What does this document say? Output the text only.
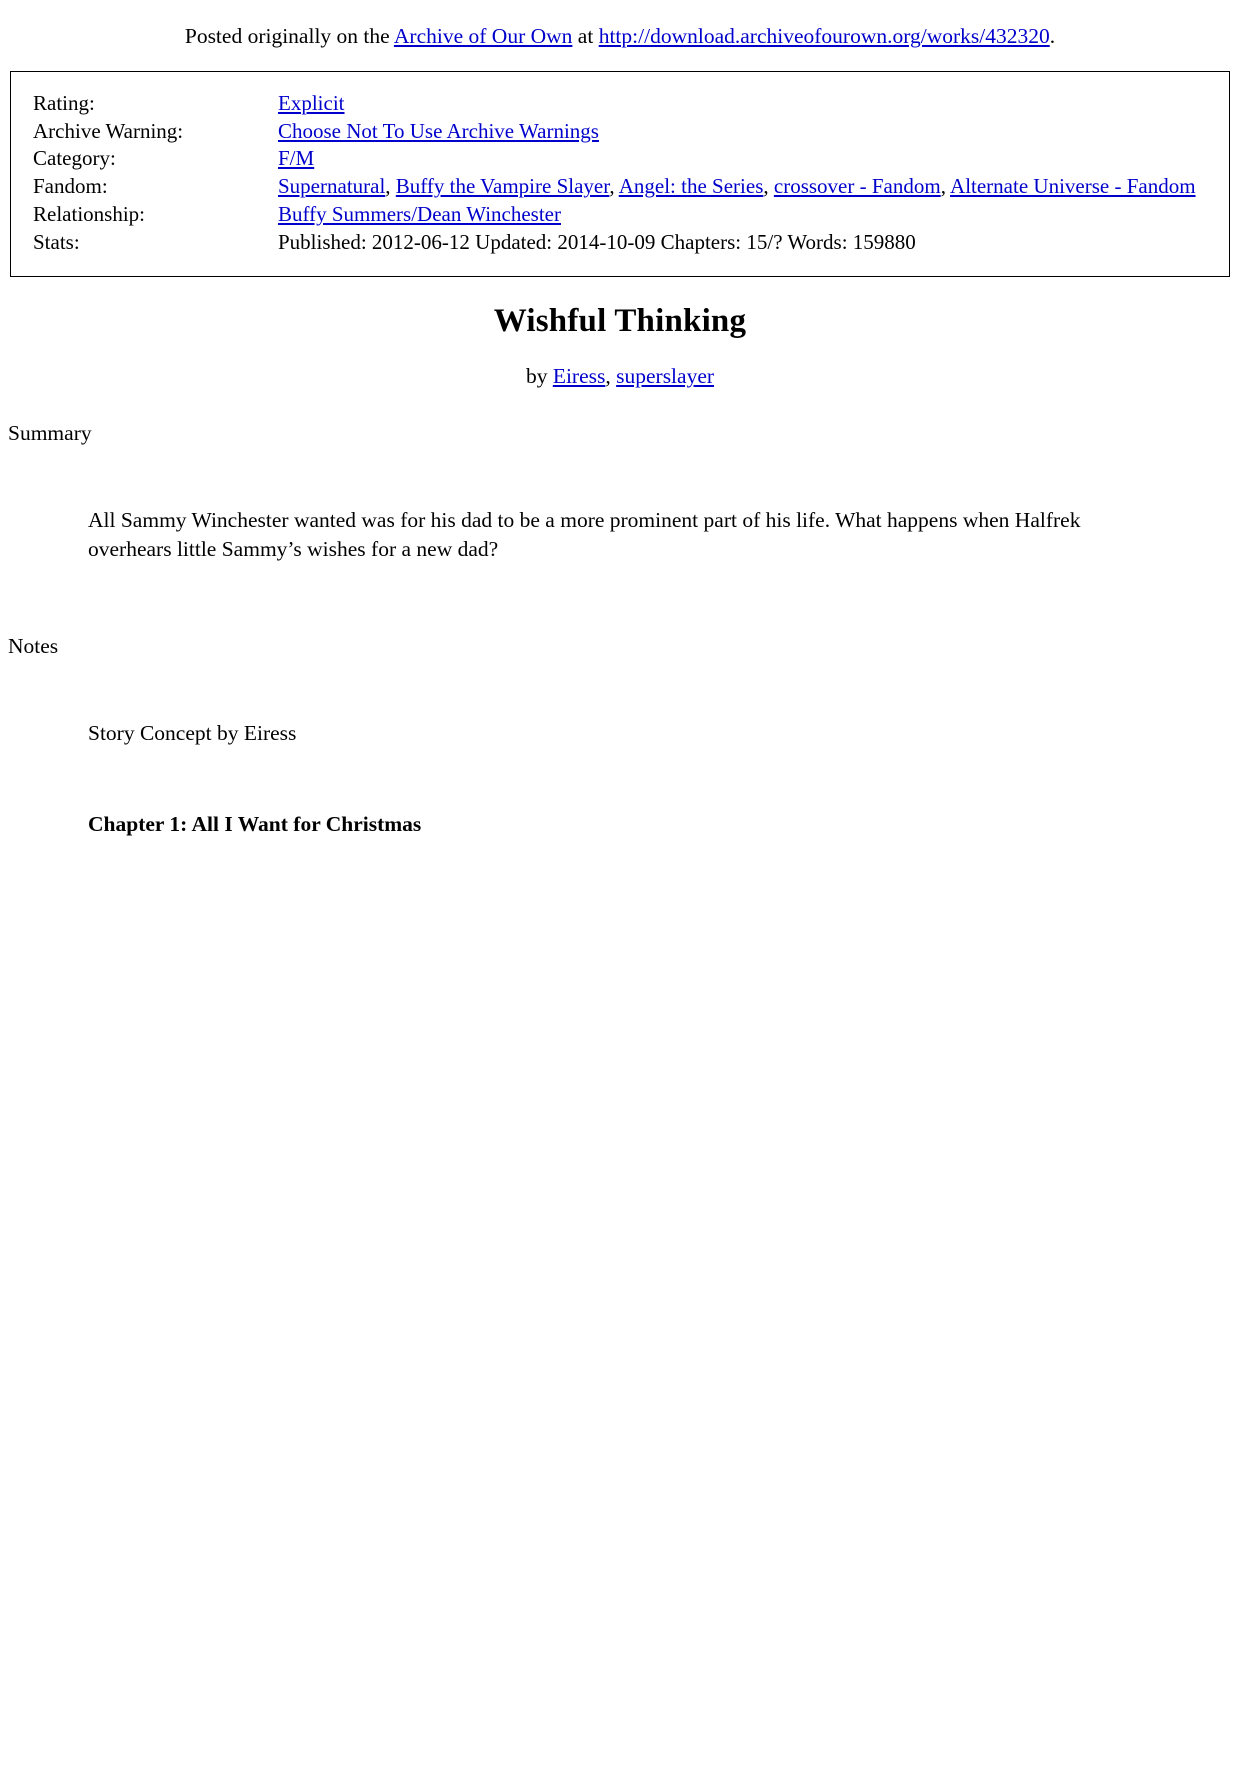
Posted originally on the Archive of Our Own at http://download.archiveofourown.org/works/432320.
Rating:	Explicit
Archive Warning:	Choose Not To Use Archive Warnings
Category:	F/M
Fandom:	Supernatural, Buffy the Vampire Slayer, Angel: the Series, crossover - Fandom, Alternate Universe - Fandom
Relationship:	Buffy Summers/Dean Winchester
Stats:	Published: 2012-06-12 Updated: 2014-10-09 Chapters: 15/? Words: 159880
Wishful Thinking
by Eiress, superslayer
Summary
All Sammy Winchester wanted was for his dad to be a more prominent part of his life. What happens when Halfrek overhears little Sammy’s wishes for a new dad?
Notes
Story Concept by Eiress
Chapter 1: All I Want for Christmas
